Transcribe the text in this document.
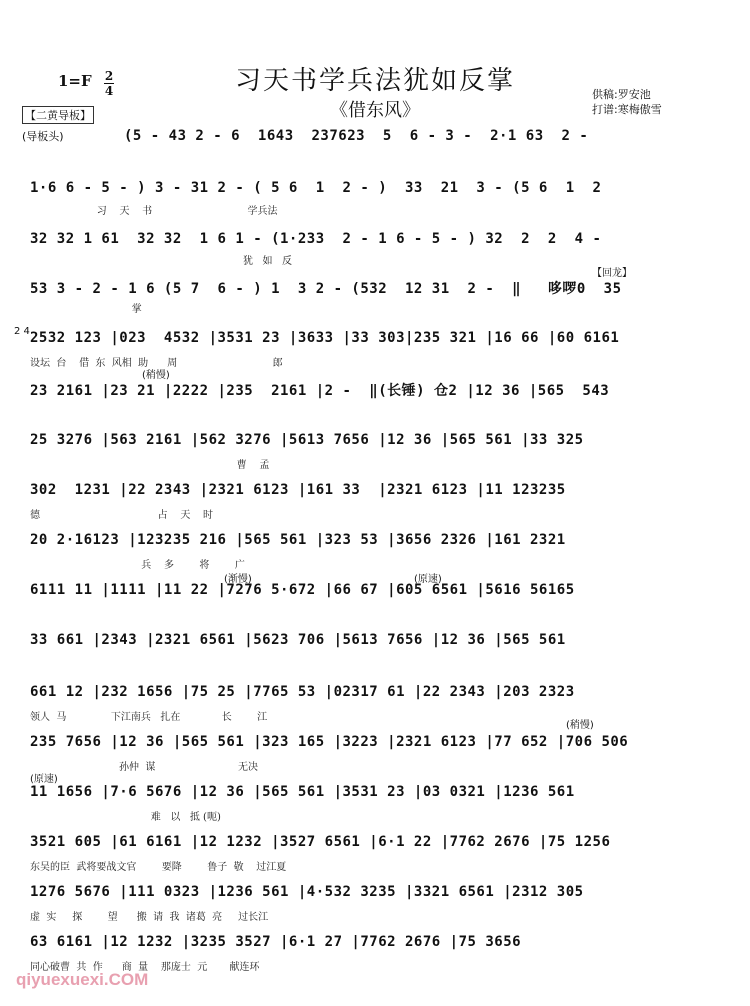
习天书学兵法犹如反掌
《借东风》
1=F 2
4	供稿:罗安池
打谱:寒梅傲雪
【二黄导板】
(导板头)	(5 - 43 2 - 6  1643  237623  5  6 - 3 -  2·1 63  2 -
1·6 6 - 5 - ) 3 - 31 2 - ( 5 6  1  2 - )  33  21  3 - (5 6  1  2
习    天    书                              学兵法
32 32 1 61  32 32  1 6 1 - (1·233  2 - 1 6 - 5 - ) 32  2  2  4 -
犹   如   反
【回龙】
53 3 - 2 - 1 6 (5 7  6 - ) 1  3 2 - (532  12 31  2 -  ‖   哆啰0  35
掌
2 4 2532 123 |023  4532 |3531 23 |3633 |33 303|235 321 |16 66 |60 6161
设坛  台    借  东  风相  助      周                              郎
(稍慢)
23 2161 |23 21 |2222 |235  2161 |2 -  ‖(长锤) 仓2 |12 36 |565  543
25 3276 |563 2161 |562 3276 |5613 7656 |12 36 |565 561 |33 325
曹    孟
302  1231 |22 2343 |2321 6123 |161 33  |2321 6123 |11 123235
德                                     占    天    时
20 2·16123 |123235 216 |565 561 |323 53 |3656 2326 |161 2321
兵    多        将        广
(渐慢)	(原速)
6111 11 |1111 |11 22 |7276 5·672 |66 67 |605 6561 |5616 56165
33 661 |2343 |2321 6561 |5623 706 |5613 7656 |12 36 |565 561
661 12 |232 1656 |75 25 |7765 53 |02317 61 |22 2343 |203 2323
领人  马              下江南兵   扎在             长        江
(稍慢)
235 7656 |12 36 |565 561 |323 165 |3223 |2321 6123 |77 652 |706 506
孙仲  谋                          无决
(原速)
11 1656 |7·6 5676 |12 36 |565 561 |3531 23 |03 0321 |1236 561
难   以   抵 (呃)
3521 605 |61 6161 |12 1232 |3527 6561 |6·1 22 |7762 2676 |75 1256
东吴的臣  武将要战文官        要降        鲁子  敬    过江夏
1276 5676 |111 0323 |1236 561 |4·532 3235 |3321 6561 |2312 305
虚  实     探        望      搬  请  我  诸葛  亮     过长江
63 6161 |12 1232 |3235 3527 |6·1 27 |7762 2676 |75 3656
同心破曹  共  作      商  量    那庞士  元       献连环
qiyuexuexi.COM
